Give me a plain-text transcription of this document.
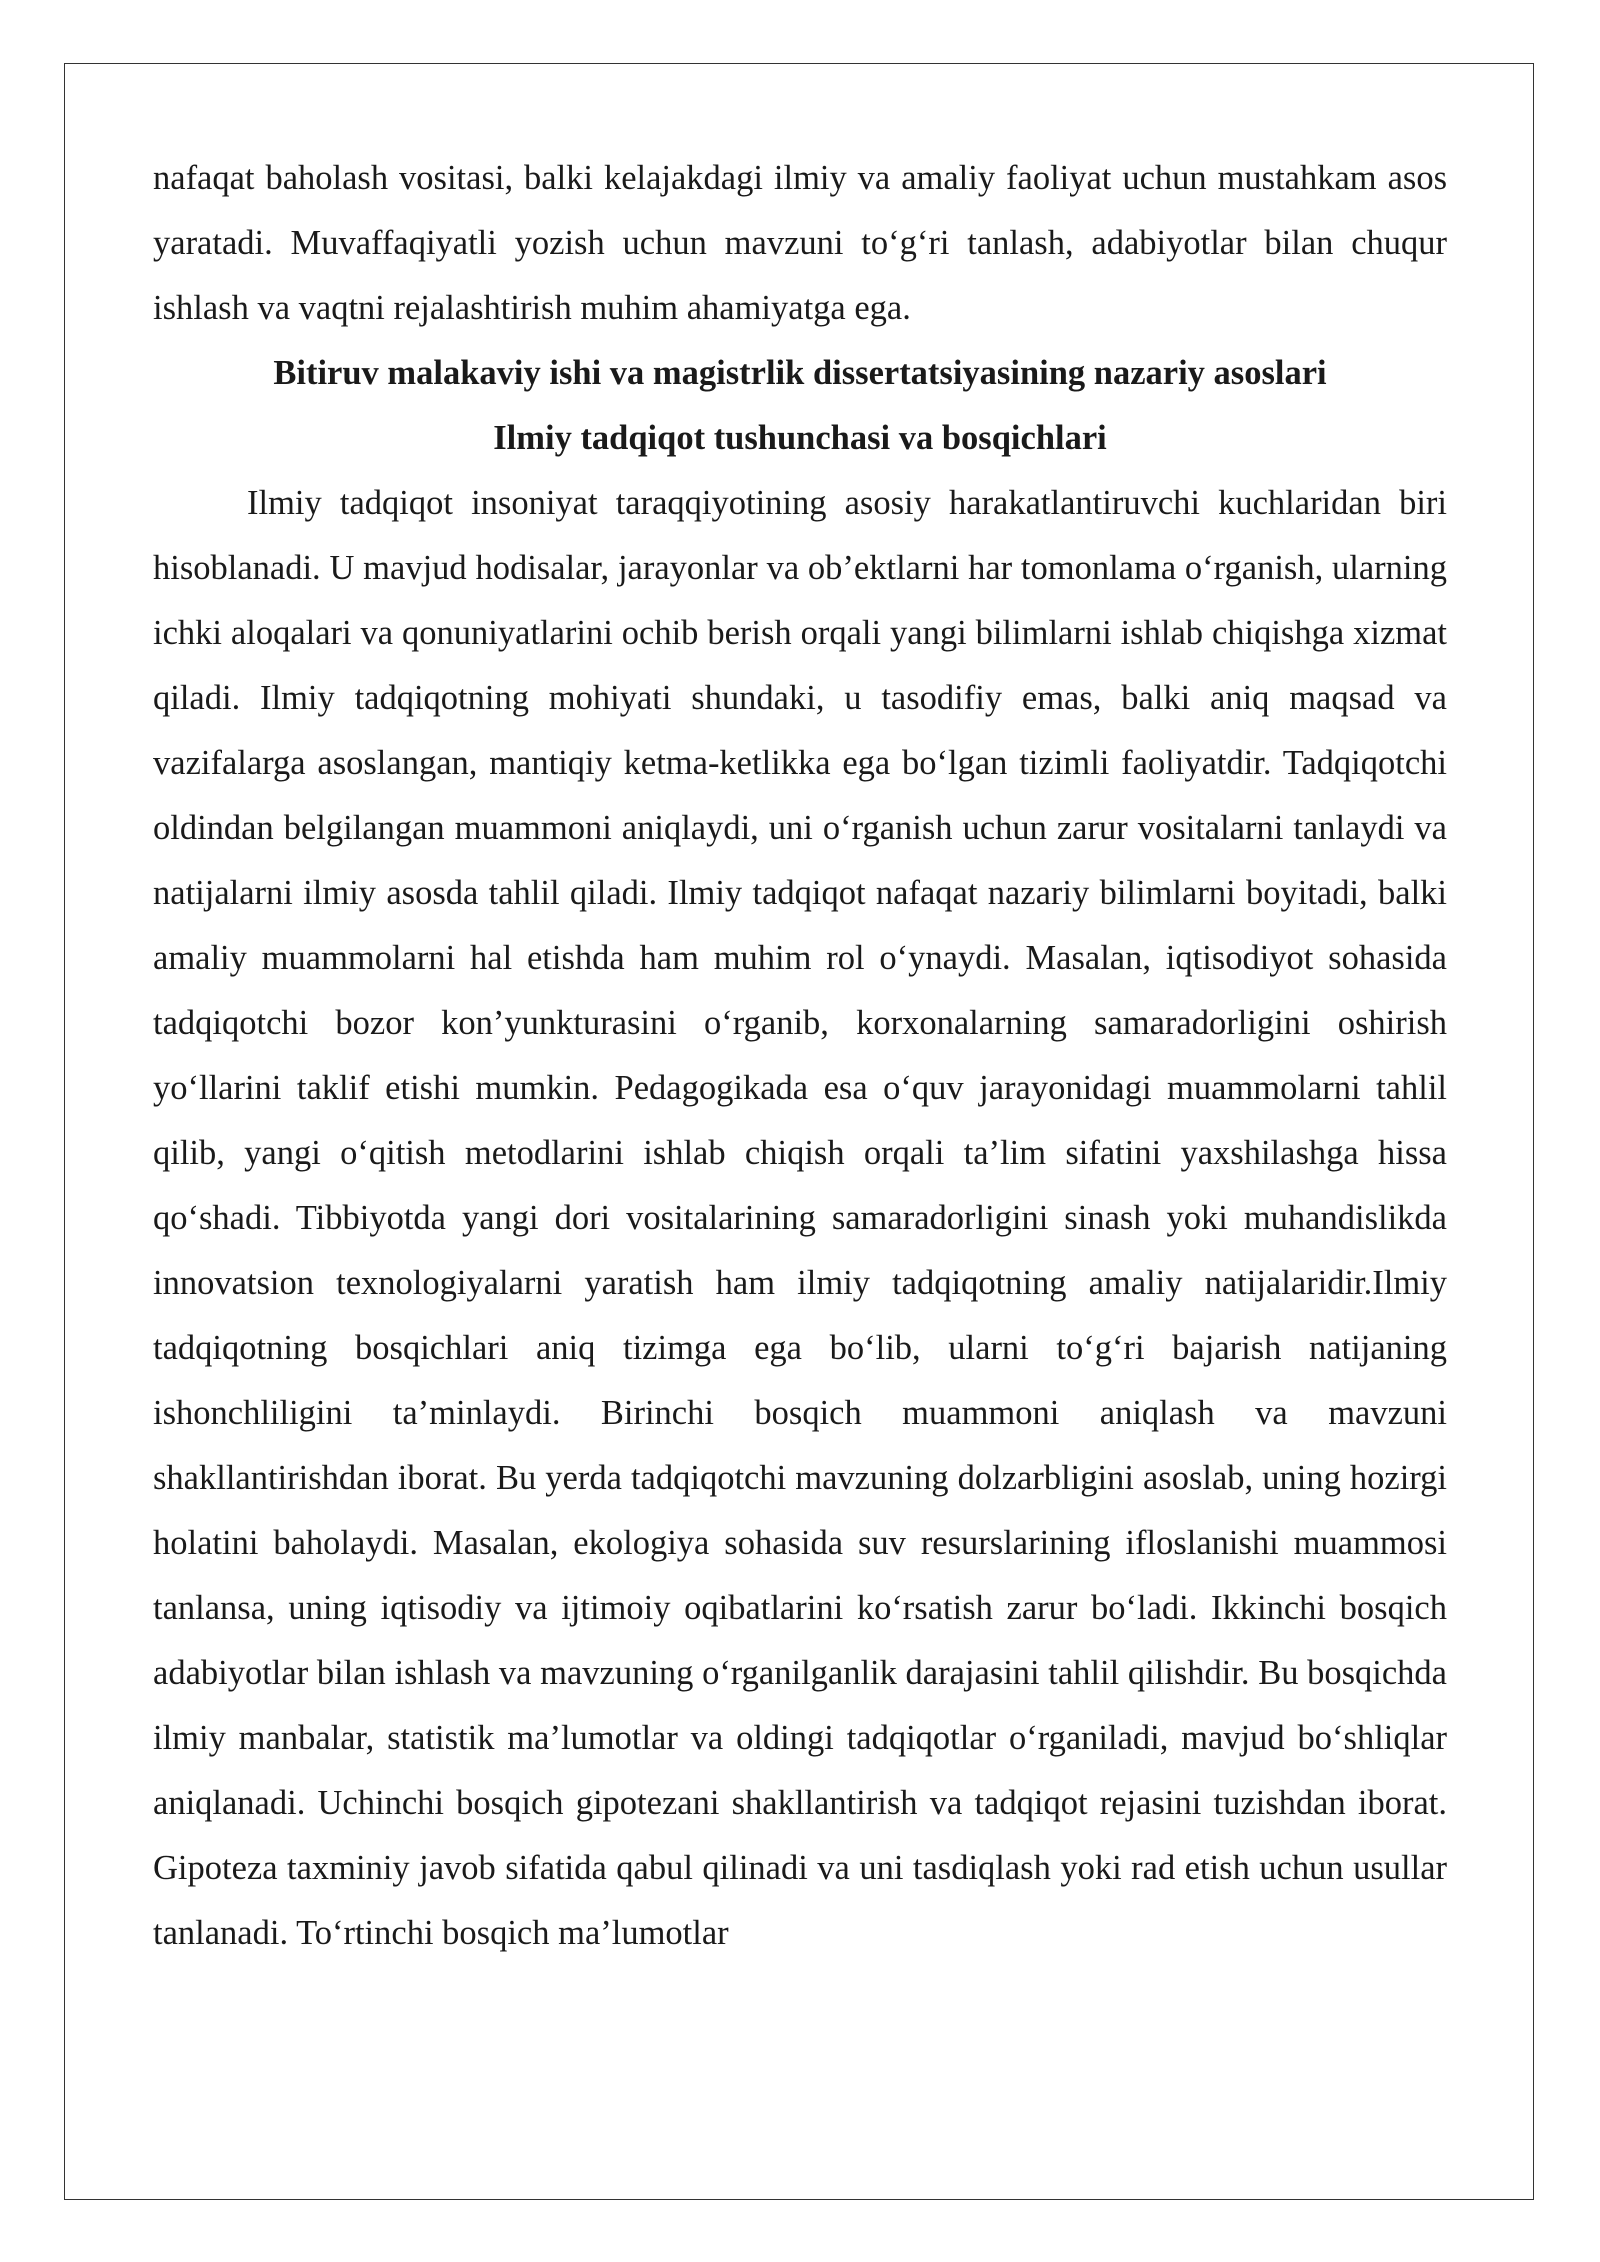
nafaqat baholash vositasi, balki kelajakdagi ilmiy va amaliy faoliyat uchun mustahkam asos yaratadi. Muvaffaqiyatli yozish uchun mavzuni to‘g‘ri tanlash, adabiyotlar bilan chuqur ishlash va vaqtni rejalashtirish muhim ahamiyatga ega.

Bitiruv malakaviy ishi va magistrlik dissertatsiyasining nazariy asoslari

Ilmiy tadqiqot tushunchasi va bosqichlari

Ilmiy tadqiqot insoniyat taraqqiyotining asosiy harakatlantiruvchi kuchlaridan biri hisoblanadi. U mavjud hodisalar, jarayonlar va ob’ektlarni har tomonlama o‘rganish, ularning ichki aloqalari va qonuniyatlarini ochib berish orqali yangi bilimlarni ishlab chiqishga xizmat qiladi. Ilmiy tadqiqotning mohiyati shundaki, u tasodifiy emas, balki aniq maqsad va vazifalarga asoslangan, mantiqiy ketma-ketlikka ega bo‘lgan tizimli faoliyatdir. Tadqiqotchi oldindan belgilangan muammoni aniqlaydi, uni o‘rganish uchun zarur vositalarni tanlaydi va natijalarni ilmiy asosda tahlil qiladi. Ilmiy tadqiqot nafaqat nazariy bilimlarni boyitadi, balki amaliy muammolarni hal etishda ham muhim rol o‘ynaydi. Masalan, iqtisodiyot sohasida tadqiqotchi bozor kon’yunkturasini o‘rganib, korxonalarning samaradorligini oshirish yo‘llarini taklif etishi mumkin. Pedagogikada esa o‘quv jarayonidagi muammolarni tahlil qilib, yangi o‘qitish metodlarini ishlab chiqish orqali ta’lim sifatini yaxshilashga hissa qo‘shadi. Tibbiyotda yangi dori vositalarining samaradorligini sinash yoki muhandislikda innovatsion texnologiyalarni yaratish ham ilmiy tadqiqotning amaliy natijalaridir.Ilmiy tadqiqotning bosqichlari aniq tizimga ega bo‘lib, ularni to‘g‘ri bajarish natijaning ishonchliligini ta’minlaydi. Birinchi bosqich muammoni aniqlash va mavzuni shakllantirishdan iborat. Bu yerda tadqiqotchi mavzuning dolzarbligini asoslab, uning hozirgi holatini baholaydi. Masalan, ekologiya sohasida suv resurslarining ifloslanishi muammosi tanlansa, uning iqtisodiy va ijtimoiy oqibatlarini ko‘rsatish zarur bo‘ladi. Ikkinchi bosqich adabiyotlar bilan ishlash va mavzuning o‘rganilganlik darajasini tahlil qilishdir. Bu bosqichda ilmiy manbalar, statistik ma’lumotlar va oldingi tadqiqotlar o‘rganiladi, mavjud bo‘shliqlar aniqlanadi. Uchinchi bosqich gipotezani shakllantirish va tadqiqot rejasini tuzishdan iborat. Gipoteza taxminiy javob sifatida qabul qilinadi va uni tasdiqlash yoki rad etish uchun usullar tanlanadi. To‘rtinchi bosqich ma’lumotlar
